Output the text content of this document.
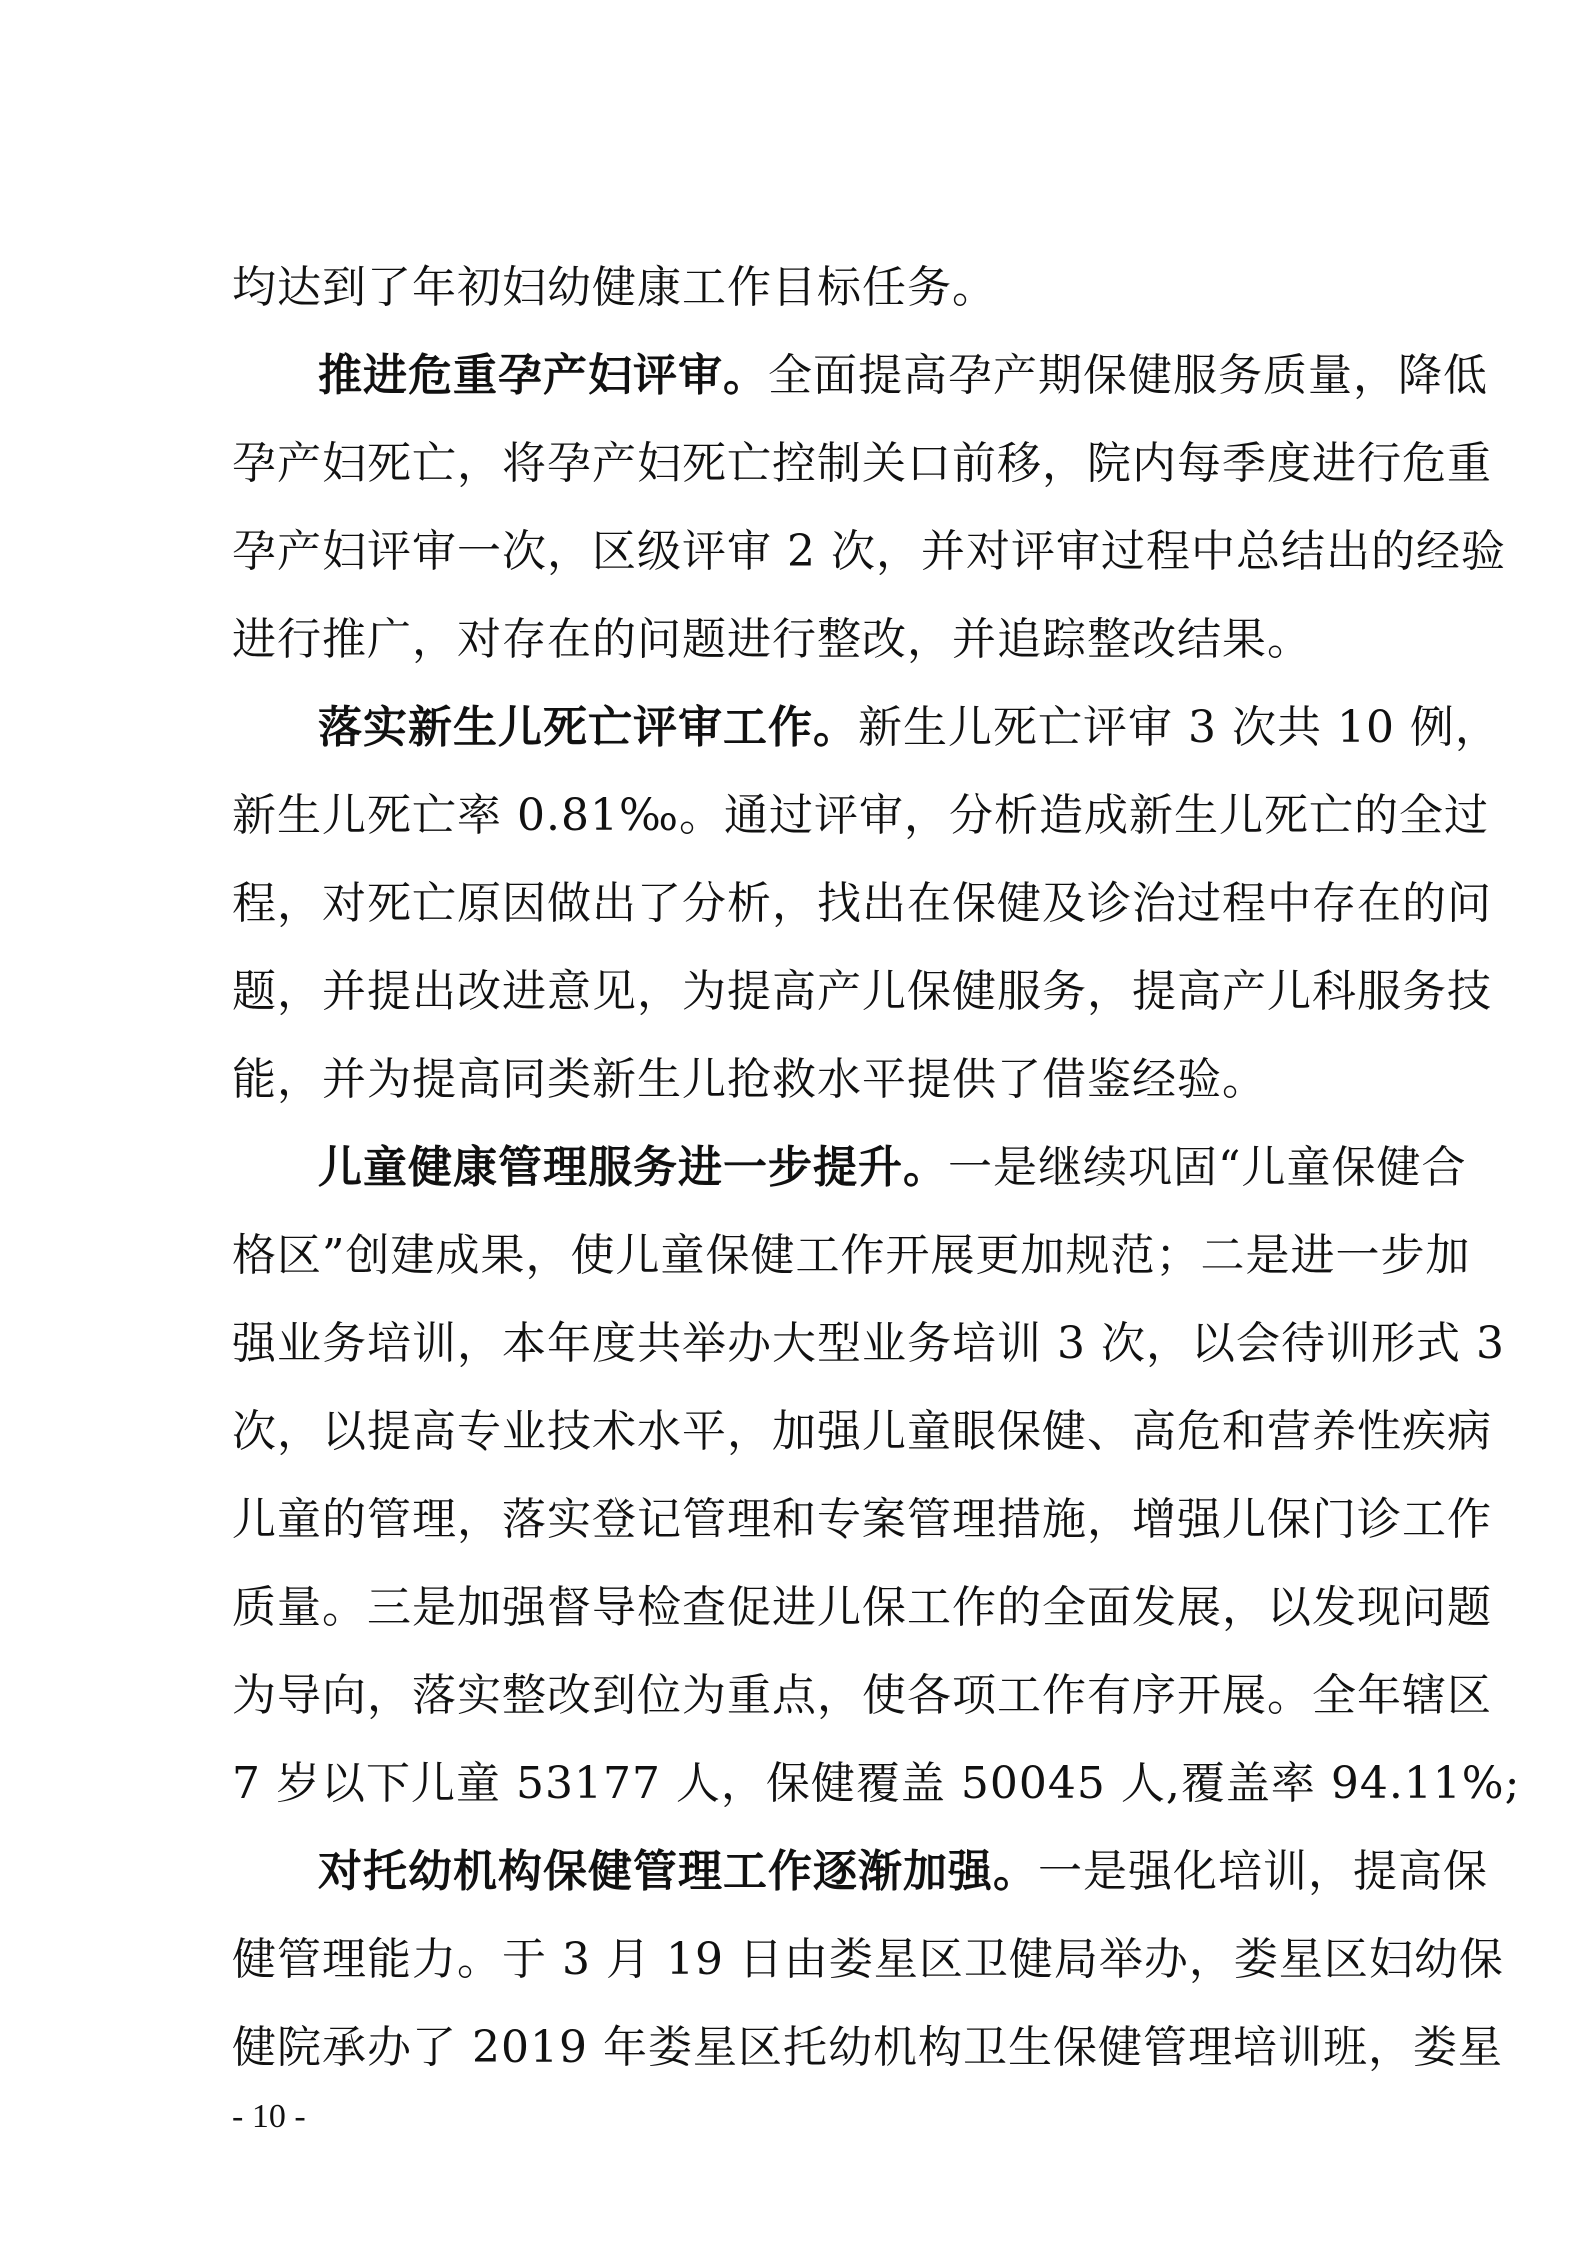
均达到了年初妇幼健康工作目标任务。
推进危重孕产妇评审。全面提高孕产期保健服务质量，降低
孕产妇死亡，将孕产妇死亡控制关口前移，院内每季度进行危重
孕产妇评审一次，区级评审 2 次，并对评审过程中总结出的经验
进行推广，对存在的问题进行整改，并追踪整改结果。
落实新生儿死亡评审工作。新生儿死亡评审 3 次共 10 例，
新生儿死亡率 0.81‰。通过评审，分析造成新生儿死亡的全过
程，对死亡原因做出了分析，找出在保健及诊治过程中存在的问
题，并提出改进意见，为提高产儿保健服务，提高产儿科服务技
能，并为提高同类新生儿抢救水平提供了借鉴经验。
儿童健康管理服务进一步提升。一是继续巩固“儿童保健合
格区”创建成果，使儿童保健工作开展更加规范；二是进一步加
强业务培训，本年度共举办大型业务培训 3 次，以会待训形式 3
次，以提高专业技术水平，加强儿童眼保健、高危和营养性疾病
儿童的管理，落实登记管理和专案管理措施，增强儿保门诊工作
质量。三是加强督导检查促进儿保工作的全面发展，以发现问题
为导向，落实整改到位为重点，使各项工作有序开展。全年辖区
7 岁以下儿童 53177 人，保健覆盖 50045 人,覆盖率 94.11%;
对托幼机构保健管理工作逐渐加强。一是强化培训，提高保
健管理能力。于 3 月 19 日由娄星区卫健局举办，娄星区妇幼保
健院承办了 2019 年娄星区托幼机构卫生保健管理培训班，娄星
- 10 -
